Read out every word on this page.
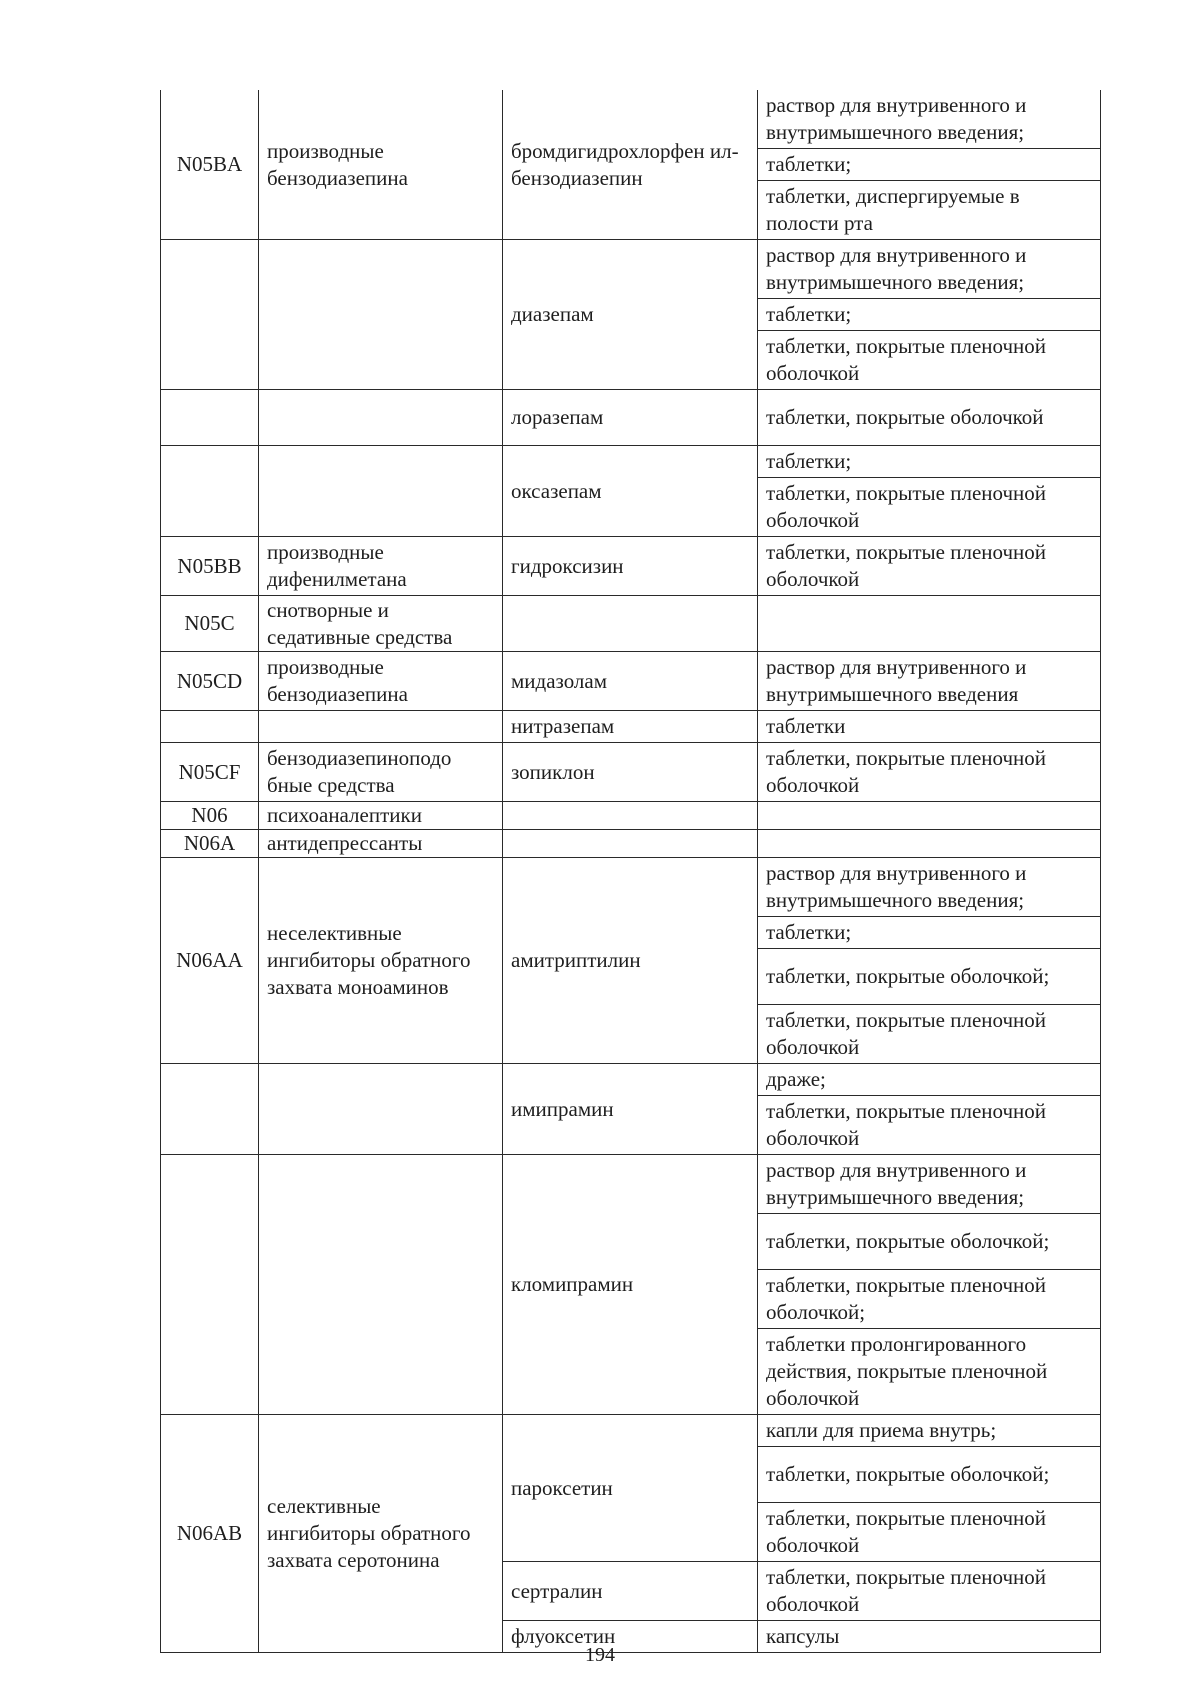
N05BA	производные бензодиазепина	бромдигидрохлорфен ил-бензодиазепин	раствор для внутривенного и внутримышечного введения;
			таблетки;
			таблетки, диспергируемые в полости рта
		диазепам	раствор для внутривенного и внутримышечного введения;
			таблетки;
			таблетки, покрытые пленочной оболочкой
		лоразепам	таблетки, покрытые оболочкой
		оксазепам	таблетки;
			таблетки, покрытые пленочной оболочкой
N05BB	производные дифенилметана	гидроксизин	таблетки, покрытые пленочной оболочкой
N05C	снотворные и седативные средства		
N05CD	производные бензодиазепина	мидазолам	раствор для внутривенного и внутримышечного введения
		нитразепам	таблетки
N05CF	бензодиазепиноподо бные средства	зопиклон	таблетки, покрытые пленочной оболочкой
N06	психоаналептики		
N06A	антидепрессанты		
N06AA	неселективные ингибиторы обратного захвата моноаминов	амитриптилин	раствор для внутривенного и внутримышечного введения;
			таблетки;
			таблетки, покрытые оболочкой;
			таблетки, покрытые пленочной оболочкой
		имипрамин	драже;
			таблетки, покрытые пленочной оболочкой
		кломипрамин	раствор для внутривенного и внутримышечного введения;
			таблетки, покрытые оболочкой;
			таблетки, покрытые пленочной оболочкой;
			таблетки пролонгированного действия, покрытые пленочной оболочкой
N06AB	селективные ингибиторы обратного захвата серотонина	пароксетин	капли для приема внутрь;
			таблетки, покрытые оболочкой;
			таблетки, покрытые пленочной оболочкой
		сертралин	таблетки, покрытые пленочной оболочкой
		флуоксетин	капсулы
194
